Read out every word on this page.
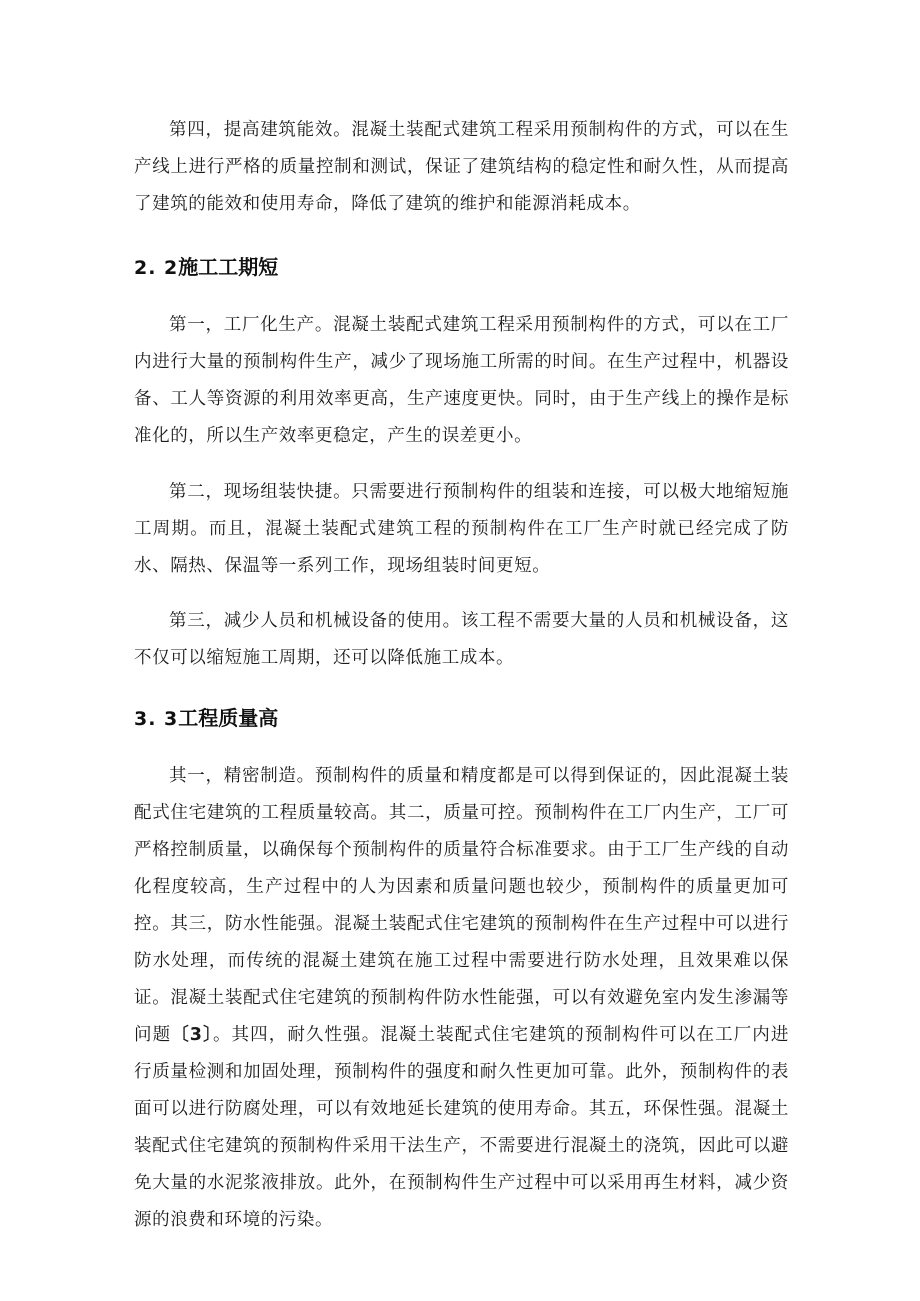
第四，提高建筑能效。混凝土装配式建筑工程采用预制构件的方式，可以在生产线上进行严格的质量控制和测试，保证了建筑结构的稳定性和耐久性，从而提高了建筑的能效和使用寿命，降低了建筑的维护和能源消耗成本。

2. 2施工工期短

第一，工厂化生产。混凝土装配式建筑工程采用预制构件的方式，可以在工厂内进行大量的预制构件生产，减少了现场施工所需的时间。在生产过程中，机器设备、工人等资源的利用效率更高，生产速度更快。同时，由于生产线上的操作是标准化的，所以生产效率更稳定，产生的误差更小。

第二，现场组装快捷。只需要进行预制构件的组装和连接，可以极大地缩短施工周期。而且，混凝土装配式建筑工程的预制构件在工厂生产时就已经完成了防水、隔热、保温等一系列工作，现场组装时间更短。

第三，减少人员和机械设备的使用。该工程不需要大量的人员和机械设备，这不仅可以缩短施工周期，还可以降低施工成本。

3. 3工程质量高

其一，精密制造。预制构件的质量和精度都是可以得到保证的，因此混凝土装配式住宅建筑的工程质量较高。其二，质量可控。预制构件在工厂内生产，工厂可严格控制质量，以确保每个预制构件的质量符合标准要求。由于工厂生产线的自动化程度较高，生产过程中的人为因素和质量问题也较少，预制构件的质量更加可控。其三，防水性能强。混凝土装配式住宅建筑的预制构件在生产过程中可以进行防水处理，而传统的混凝土建筑在施工过程中需要进行防水处理，且效果难以保证。混凝土装配式住宅建筑的预制构件防水性能强，可以有效避免室内发生渗漏等问题〔3〕。其四，耐久性强。混凝土装配式住宅建筑的预制构件可以在工厂内进行质量检测和加固处理，预制构件的强度和耐久性更加可靠。此外，预制构件的表面可以进行防腐处理，可以有效地延长建筑的使用寿命。其五，环保性强。混凝土装配式住宅建筑的预制构件采用干法生产，不需要进行混凝土的浇筑，因此可以避免大量的水泥浆液排放。此外，在预制构件生产过程中可以采用再生材料，减少资源的浪费和环境的污染。
